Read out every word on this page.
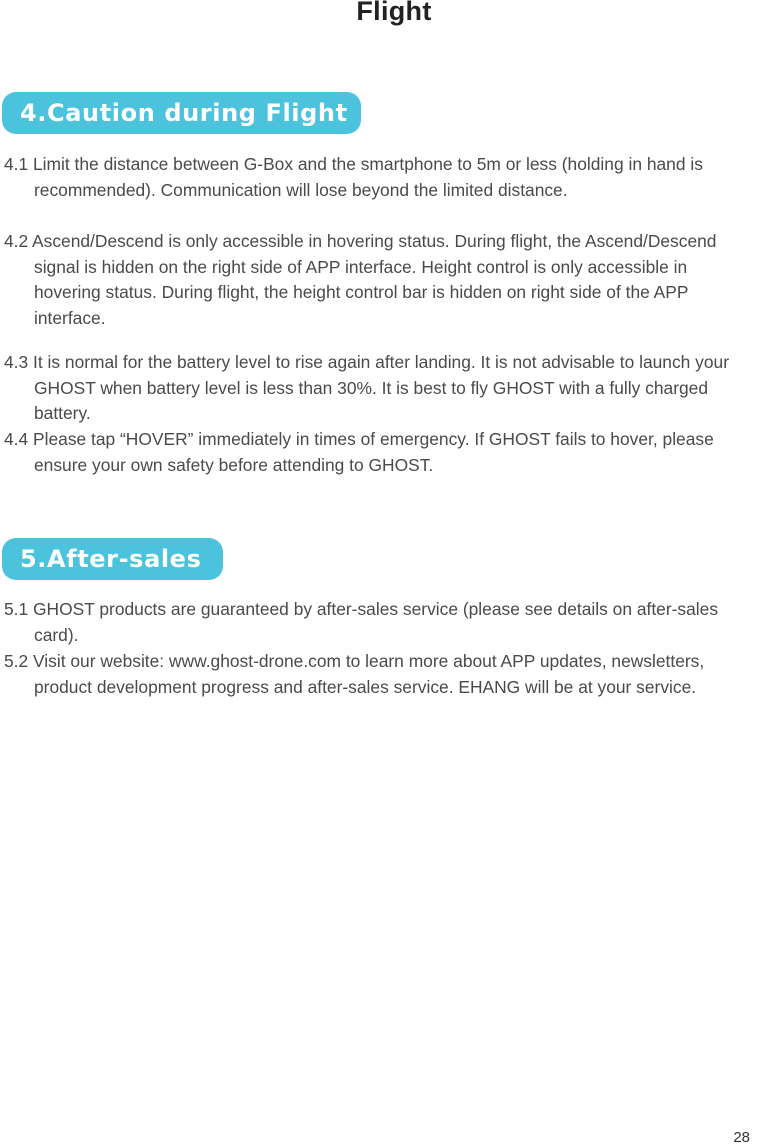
Flight
4.Caution during Flight
4.1 Limit the distance between G-Box and the smartphone to 5m or less (holding in hand is recommended). Communication will lose beyond the limited distance.
4.2 Ascend/Descend is only accessible in hovering status. During flight, the Ascend/Descend signal is hidden on the right side of APP interface. Height control is only accessible in hovering status. During flight, the height control bar is hidden on right side of the APP interface.
4.3 It is normal for the battery level to rise again after landing. It is not advisable to launch your GHOST when battery level is less than 30%. It is best to fly GHOST with a fully charged battery.
4.4 Please tap “HOVER” immediately in times of emergency. If GHOST fails to hover, please ensure your own safety before attending to GHOST.
5.After-sales
5.1 GHOST products are guaranteed by after-sales service (please see details on after-sales card).
5.2 Visit our website: www.ghost-drone.com to learn more about APP updates, newsletters, product development progress and after-sales service. EHANG will be at your service.
28
